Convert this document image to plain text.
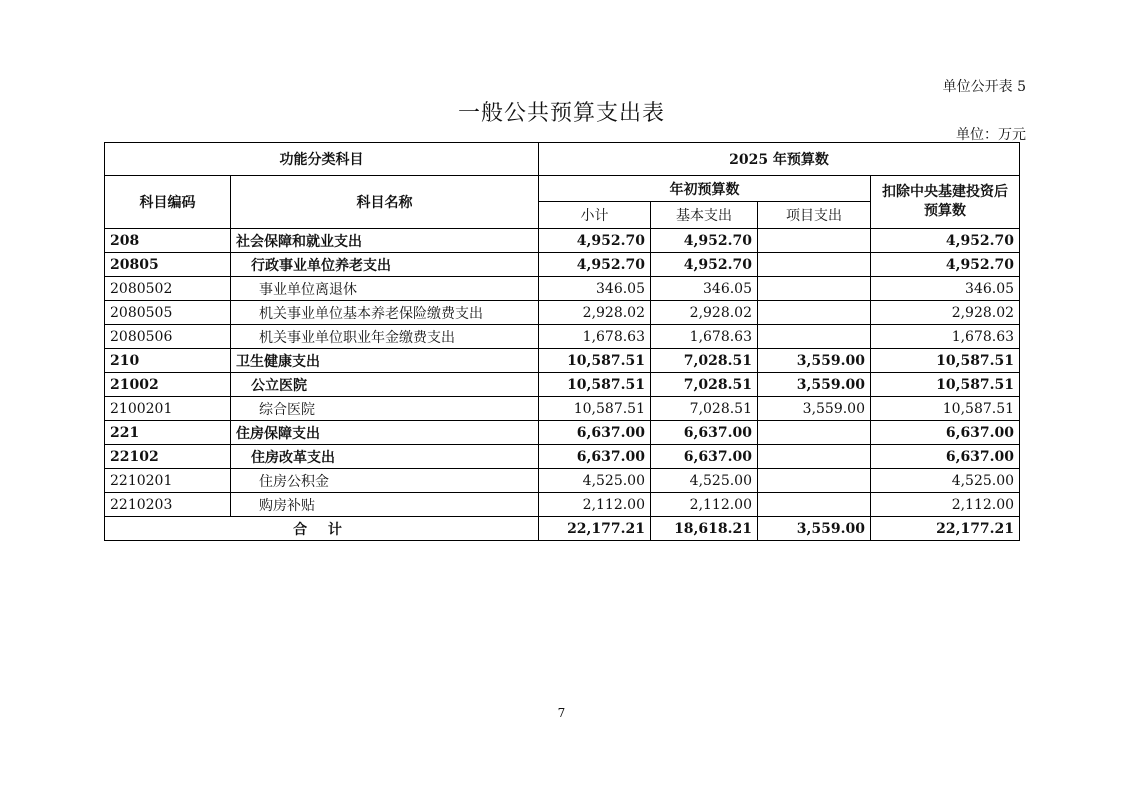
单位公开表 5
一般公共预算支出表
单位：万元
功能分类科目		2025 年预算数			
科目编码	科目名称	年初预算数			扣除中央基建投资后预算数
		小计	基本支出	项目支出	
208	社会保障和就业支出	4,952.70	4,952.70		4,952.70
20805	行政事业单位养老支出	4,952.70	4,952.70		4,952.70
2080502	事业单位离退休	346.05	346.05		346.05
2080505	机关事业单位基本养老保险缴费支出	2,928.02	2,928.02		2,928.02
2080506	机关事业单位职业年金缴费支出	1,678.63	1,678.63		1,678.63
210	卫生健康支出	10,587.51	7,028.51	3,559.00	10,587.51
21002	公立医院	10,587.51	7,028.51	3,559.00	10,587.51
2100201	综合医院	10,587.51	7,028.51	3,559.00	10,587.51
221	住房保障支出	6,637.00	6,637.00		6,637.00
22102	住房改革支出	6,637.00	6,637.00		6,637.00
2210201	住房公积金	4,525.00	4,525.00		4,525.00
2210203	购房补贴	2,112.00	2,112.00		2,112.00
合 计		22,177.21	18,618.21	3,559.00	22,177.21
7
